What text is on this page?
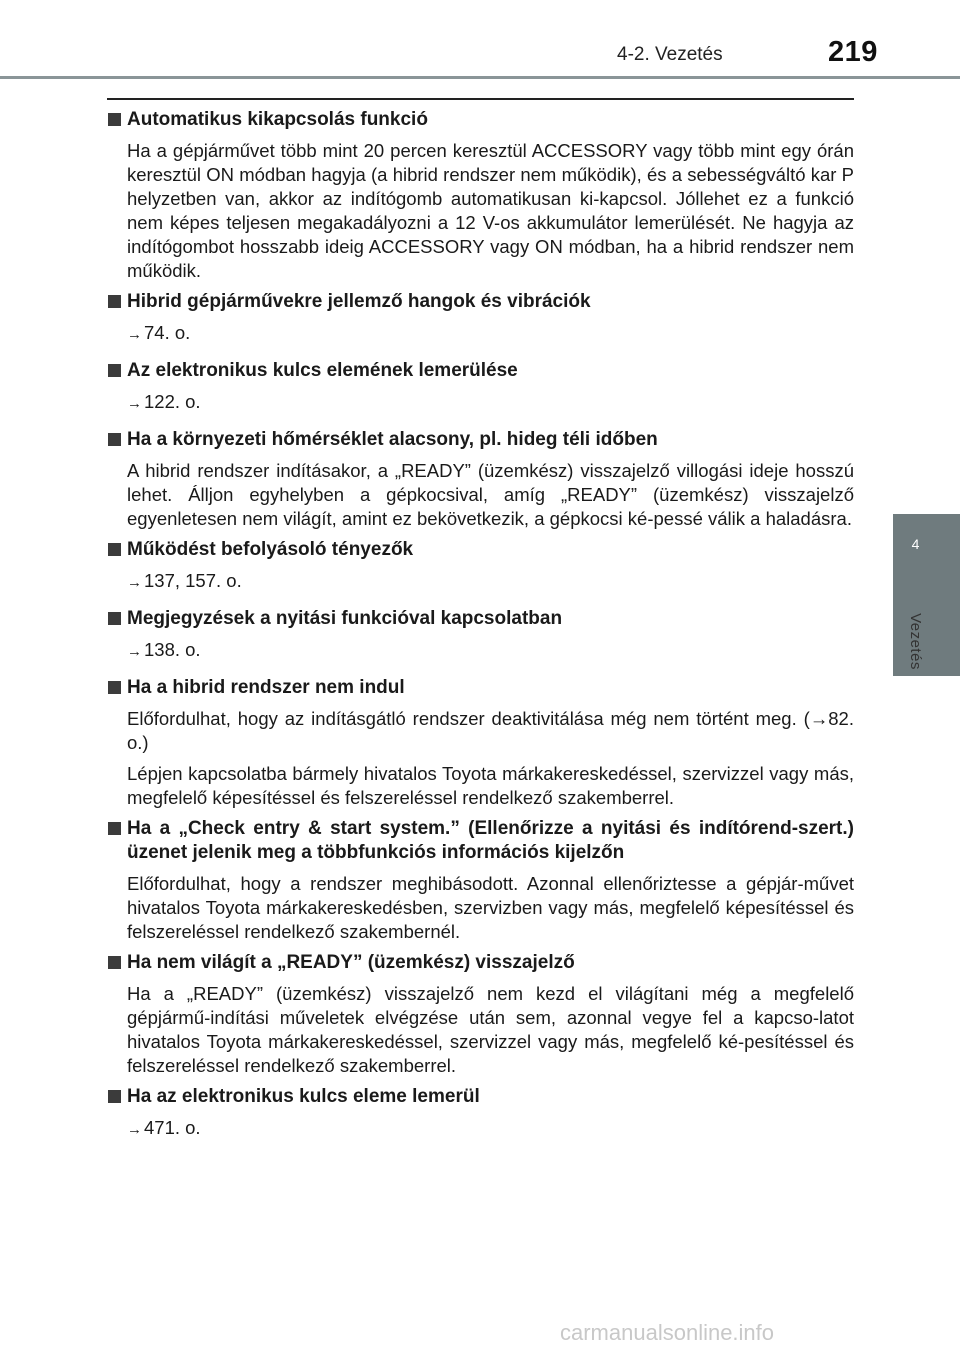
4-2. Vezetés	219
4
Vezetés
Automatikus kikapcsolás funkció
Ha a gépjárművet több mint 20 percen keresztül ACCESSORY vagy több mint egy órán keresztül ON módban hagyja (a hibrid rendszer nem működik), és a sebességváltó kar P helyzetben van, akkor az indítógomb automatikusan ki-kapcsol. Jóllehet ez a funkció nem képes teljesen megakadályozni a 12 V-os akkumulátor lemerülését. Ne hagyja az indítógombot hosszabb ideig ACCESSORY vagy ON módban, ha a hibrid rendszer nem működik.
Hibrid gépjárművekre jellemző hangok és vibrációk
→ 74. o.
Az elektronikus kulcs elemének lemerülése
→ 122. o.
Ha a környezeti hőmérséklet alacsony, pl. hideg téli időben
A hibrid rendszer indításakor, a „READY” (üzemkész) visszajelző villogási ideje hosszú lehet. Álljon egyhelyben a gépkocsival, amíg „READY” (üzemkész) visszajelző egyenletesen nem világít, amint ez bekövetkezik, a gépkocsi ké-pessé válik a haladásra.
Működést befolyásoló tényezők
→ 137, 157. o.
Megjegyzések a nyitási funkcióval kapcsolatban
→ 138. o.
Ha a hibrid rendszer nem indul
Előfordulhat, hogy az indításgátló rendszer deaktivitálása még nem történt meg. (→82. o.)
Lépjen kapcsolatba bármely hivatalos Toyota márkakereskedéssel, szervizzel vagy más, megfelelő képesítéssel és felszereléssel rendelkező szakemberrel.
Ha a „Check entry & start system.” (Ellenőrizze a nyitási és indítórend-szert.) üzenet jelenik meg a többfunkciós információs kijelzőn
Előfordulhat, hogy a rendszer meghibásodott. Azonnal ellenőriztesse a gépjár-művet hivatalos Toyota márkakereskedésben, szervizben vagy más, megfelelő képesítéssel és felszereléssel rendelkező szakembernél.
Ha nem világít a „READY” (üzemkész) visszajelző
Ha a „READY” (üzemkész) visszajelző nem kezd el világítani még a megfelelő gépjármű-indítási műveletek elvégzése után sem, azonnal vegye fel a kapcso-latot hivatalos Toyota márkakereskedéssel, szervizzel vagy más, megfelelő ké-pesítéssel és felszereléssel rendelkező szakemberrel.
Ha az elektronikus kulcs eleme lemerül
→ 471. o.
carmanualsonline.info
